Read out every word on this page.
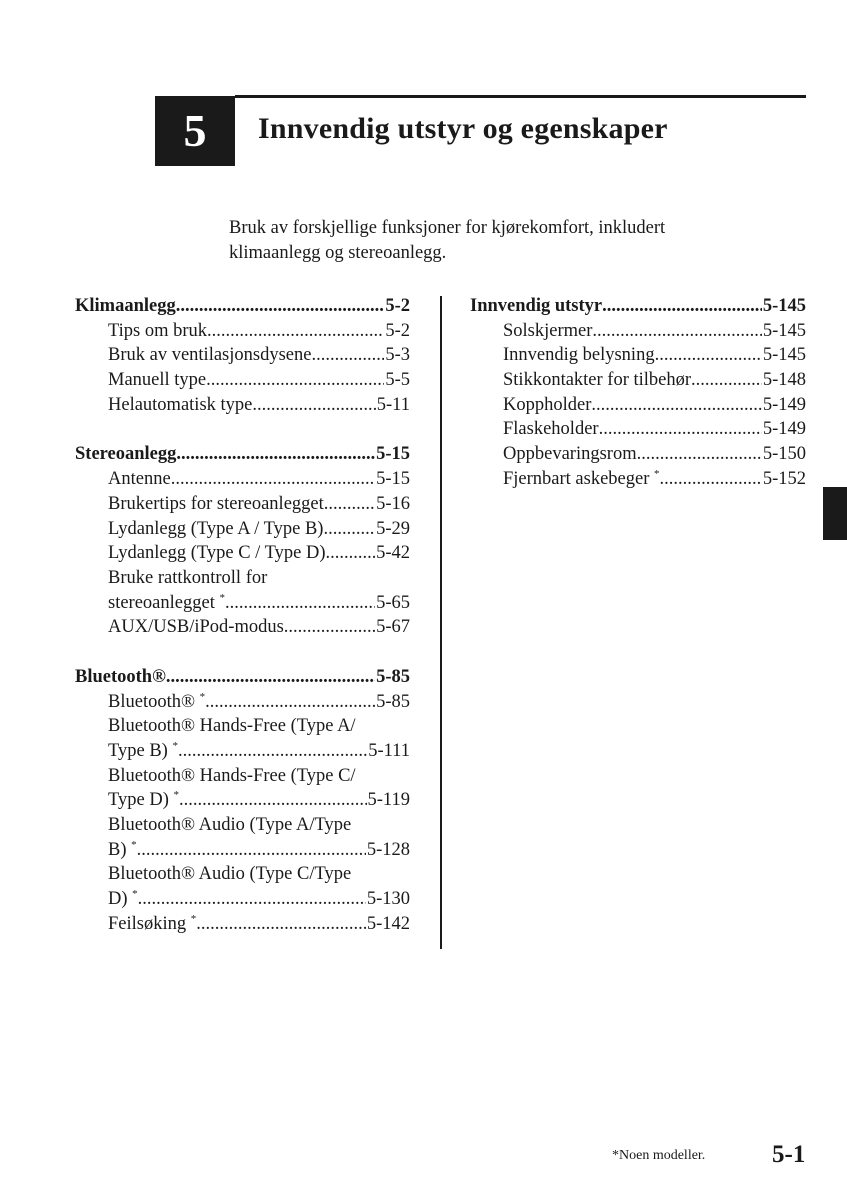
5	Innvendig utstyr og egenskaper
Bruk av forskjellige funksjoner for kjørekomfort, inkludert
klimaanlegg og stereoanlegg.
Klimaanlegg .....	5-2
Tips om bruk .....	5-2
Bruk av ventilasjonsdysene .....	5-3
Manuell type .....	5-5
Helautomatisk type .....	5-11
Stereoanlegg .....	5-15
Antenne .....	5-15
Brukertips for stereoanlegget .....	5-16
Lydanlegg (Type A / Type B) .....	5-29
Lydanlegg (Type C / Type D) .....	5-42
Bruke rattkontroll for
stereoanlegget * .....	5-65
AUX/USB/iPod-modus .....	5-67
Bluetooth® .....	5-85
Bluetooth® * .....	5-85
Bluetooth® Hands-Free (Type A/
Type B) * .....	5-111
Bluetooth® Hands-Free (Type C/
Type D) * .....	5-119
Bluetooth® Audio (Type A/Type
B) * .....	5-128
Bluetooth® Audio (Type C/Type
D) * .....	5-130
Feilsøking * .....	5-142
Innvendig utstyr .....	5-145
Solskjermer .....	5-145
Innvendig belysning .....	5-145
Stikkontakter for tilbehør .....	5-148
Koppholder .....	5-149
Flaskeholder .....	5-149
Oppbevaringsrom .....	5-150
Fjernbart askebeger * .....	5-152
*Noen modeller.	5-1
